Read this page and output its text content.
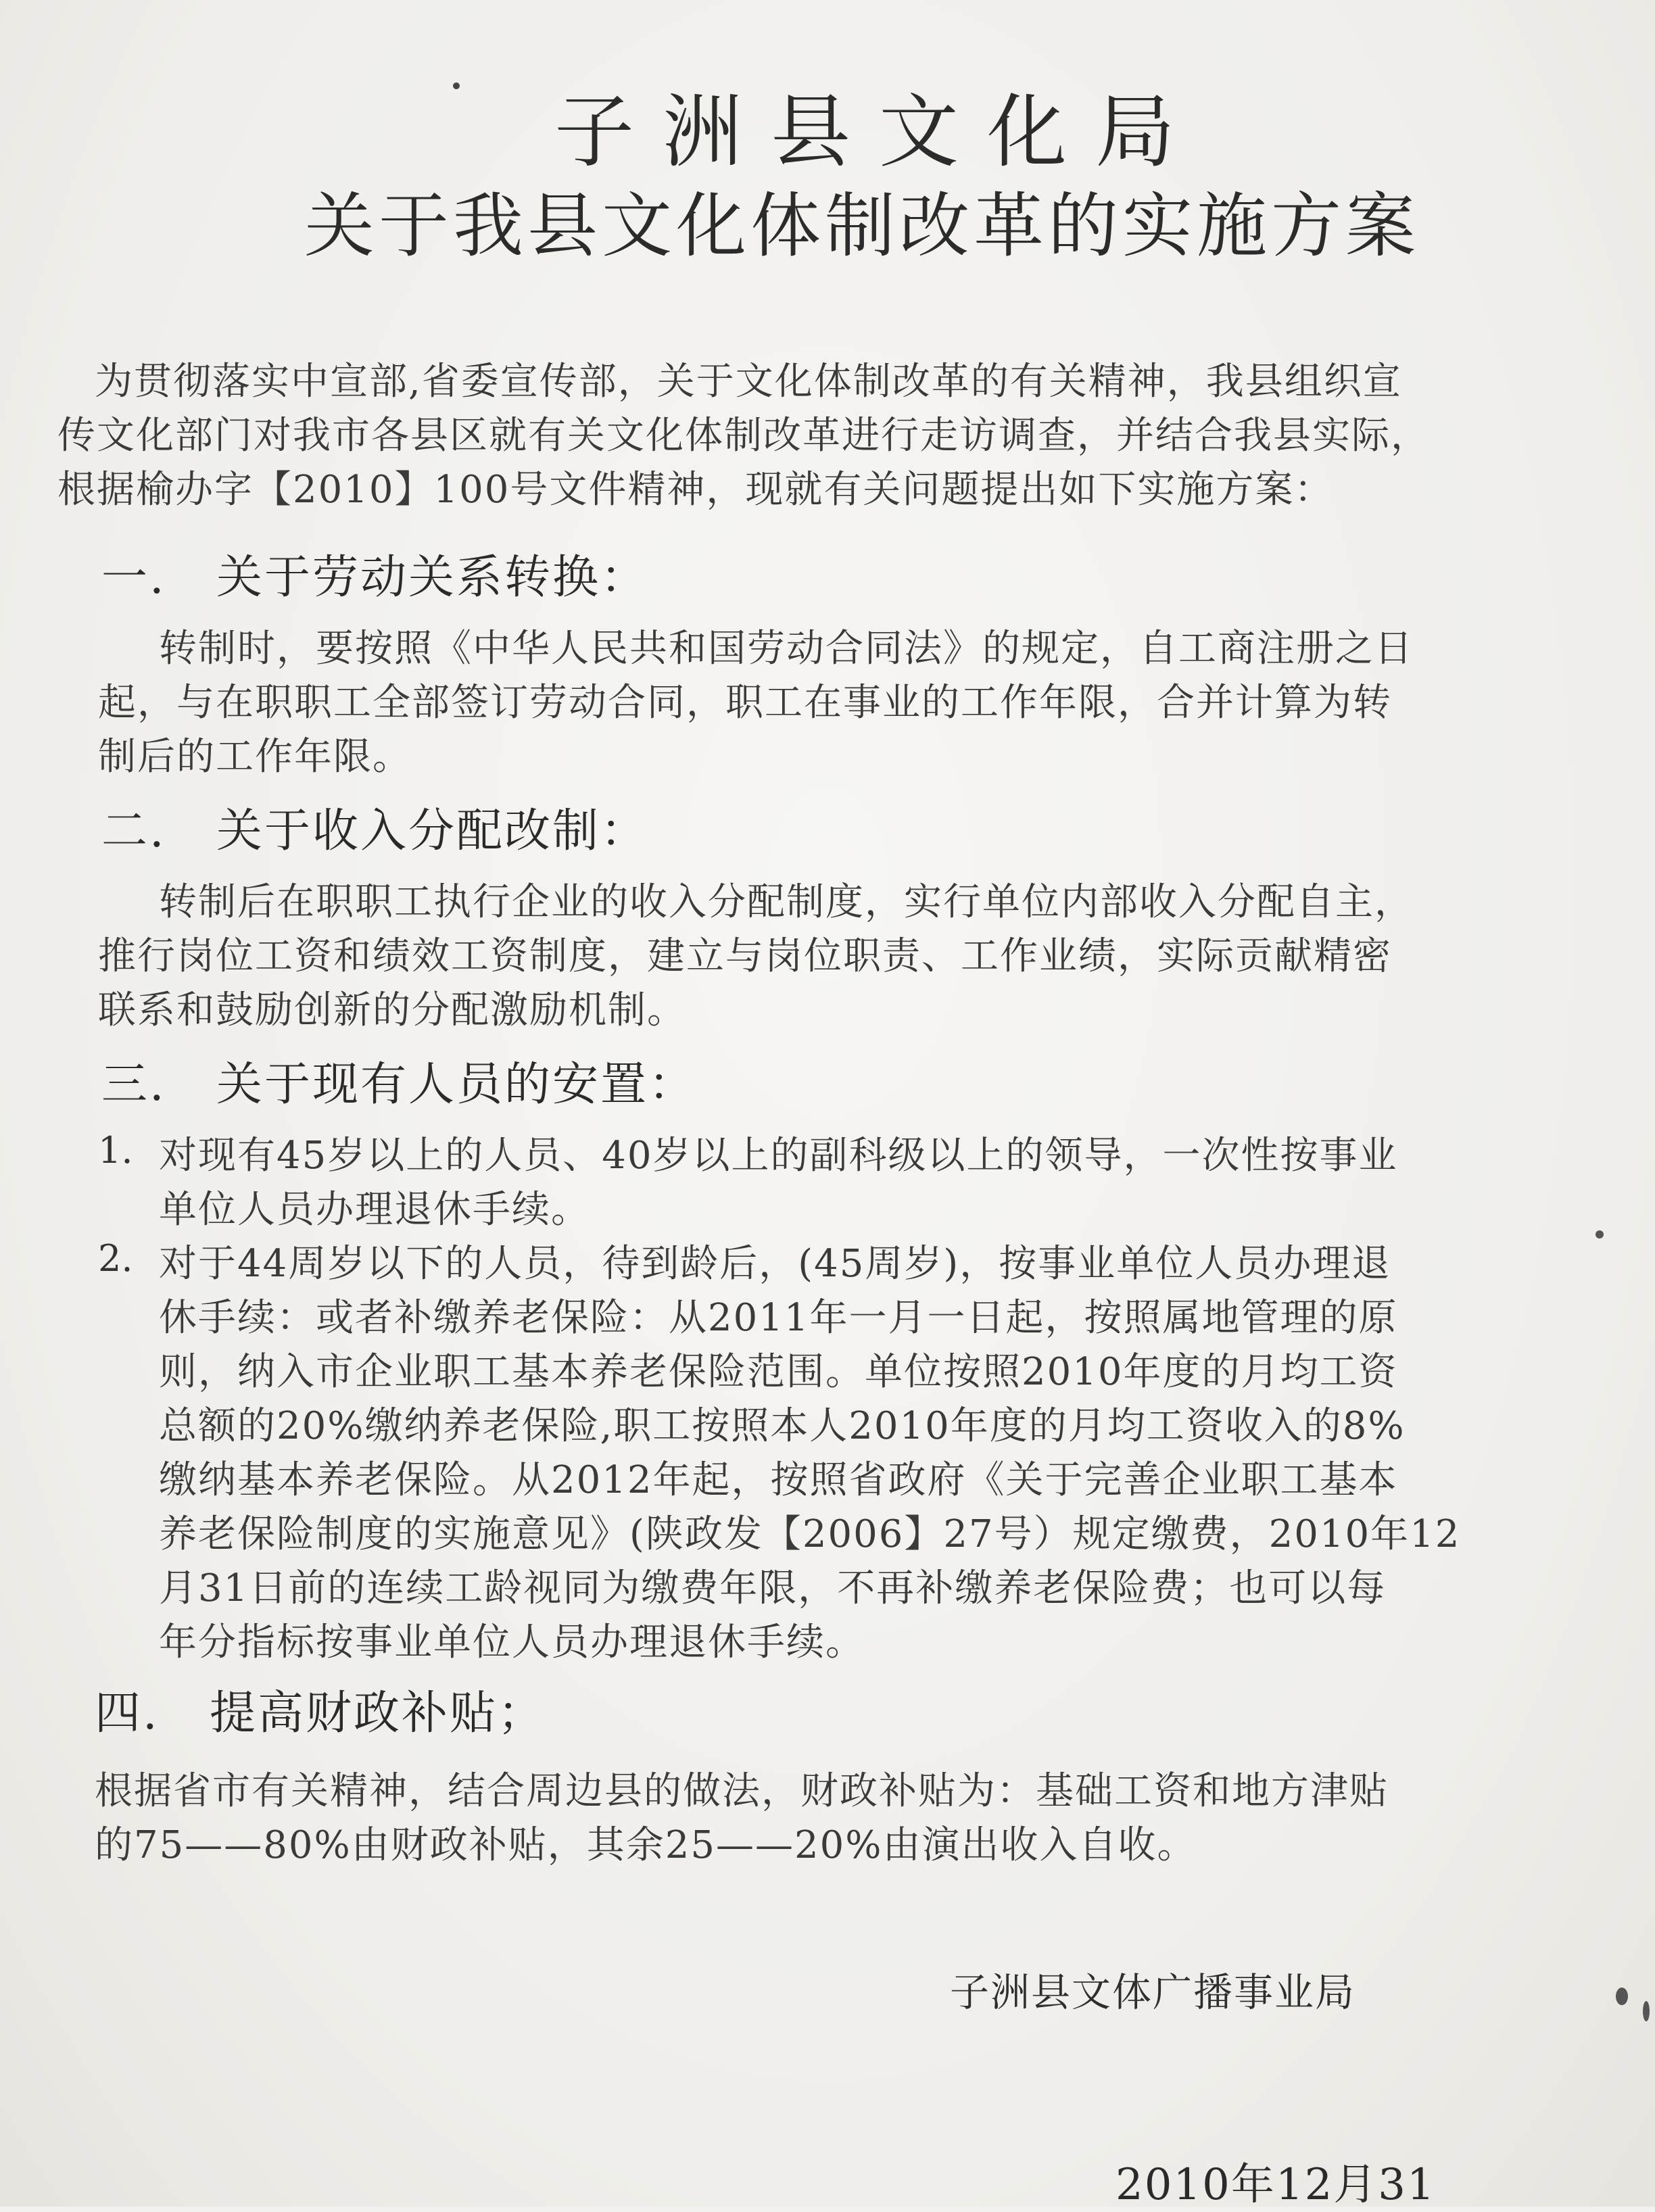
子洲县文化局
关于我县文化体制改革的实施方案
为贯彻落实中宣部,省委宣传部，关于文化体制改革的有关精神，我县组织宣
传文化部门对我市各县区就有关文化体制改革进行走访调查，并结合我县实际，
根据榆办字【2010】100号文件精神，现就有关问题提出如下实施方案：
一. 关于劳动关系转换：
转制时，要按照《中华人民共和国劳动合同法》的规定，自工商注册之日
起，与在职职工全部签订劳动合同，职工在事业的工作年限，合并计算为转
制后的工作年限。
二. 关于收入分配改制：
转制后在职职工执行企业的收入分配制度，实行单位内部收入分配自主，
推行岗位工资和绩效工资制度，建立与岗位职责、工作业绩，实际贡献精密
联系和鼓励创新的分配激励机制。
三. 关于现有人员的安置：
1. 对现有45岁以上的人员、40岁以上的副科级以上的领导，一次性按事业
单位人员办理退休手续。
2. 对于44周岁以下的人员，待到龄后，(45周岁)，按事业单位人员办理退
休手续：或者补缴养老保险：从2011年一月一日起，按照属地管理的原
则，纳入市企业职工基本养老保险范围。单位按照2010年度的月均工资
总额的20%缴纳养老保险,职工按照本人2010年度的月均工资收入的8%
缴纳基本养老保险。从2012年起，按照省政府《关于完善企业职工基本
养老保险制度的实施意见》(陕政发【2006】27号）规定缴费，2010年12
月31日前的连续工龄视同为缴费年限，不再补缴养老保险费；也可以每
年分指标按事业单位人员办理退休手续。
四. 提高财政补贴；
根据省市有关精神，结合周边县的做法，财政补贴为：基础工资和地方津贴
的75——80%由财政补贴，其余25——20%由演出收入自收。
子洲县文体广播事业局
2010年12月31
